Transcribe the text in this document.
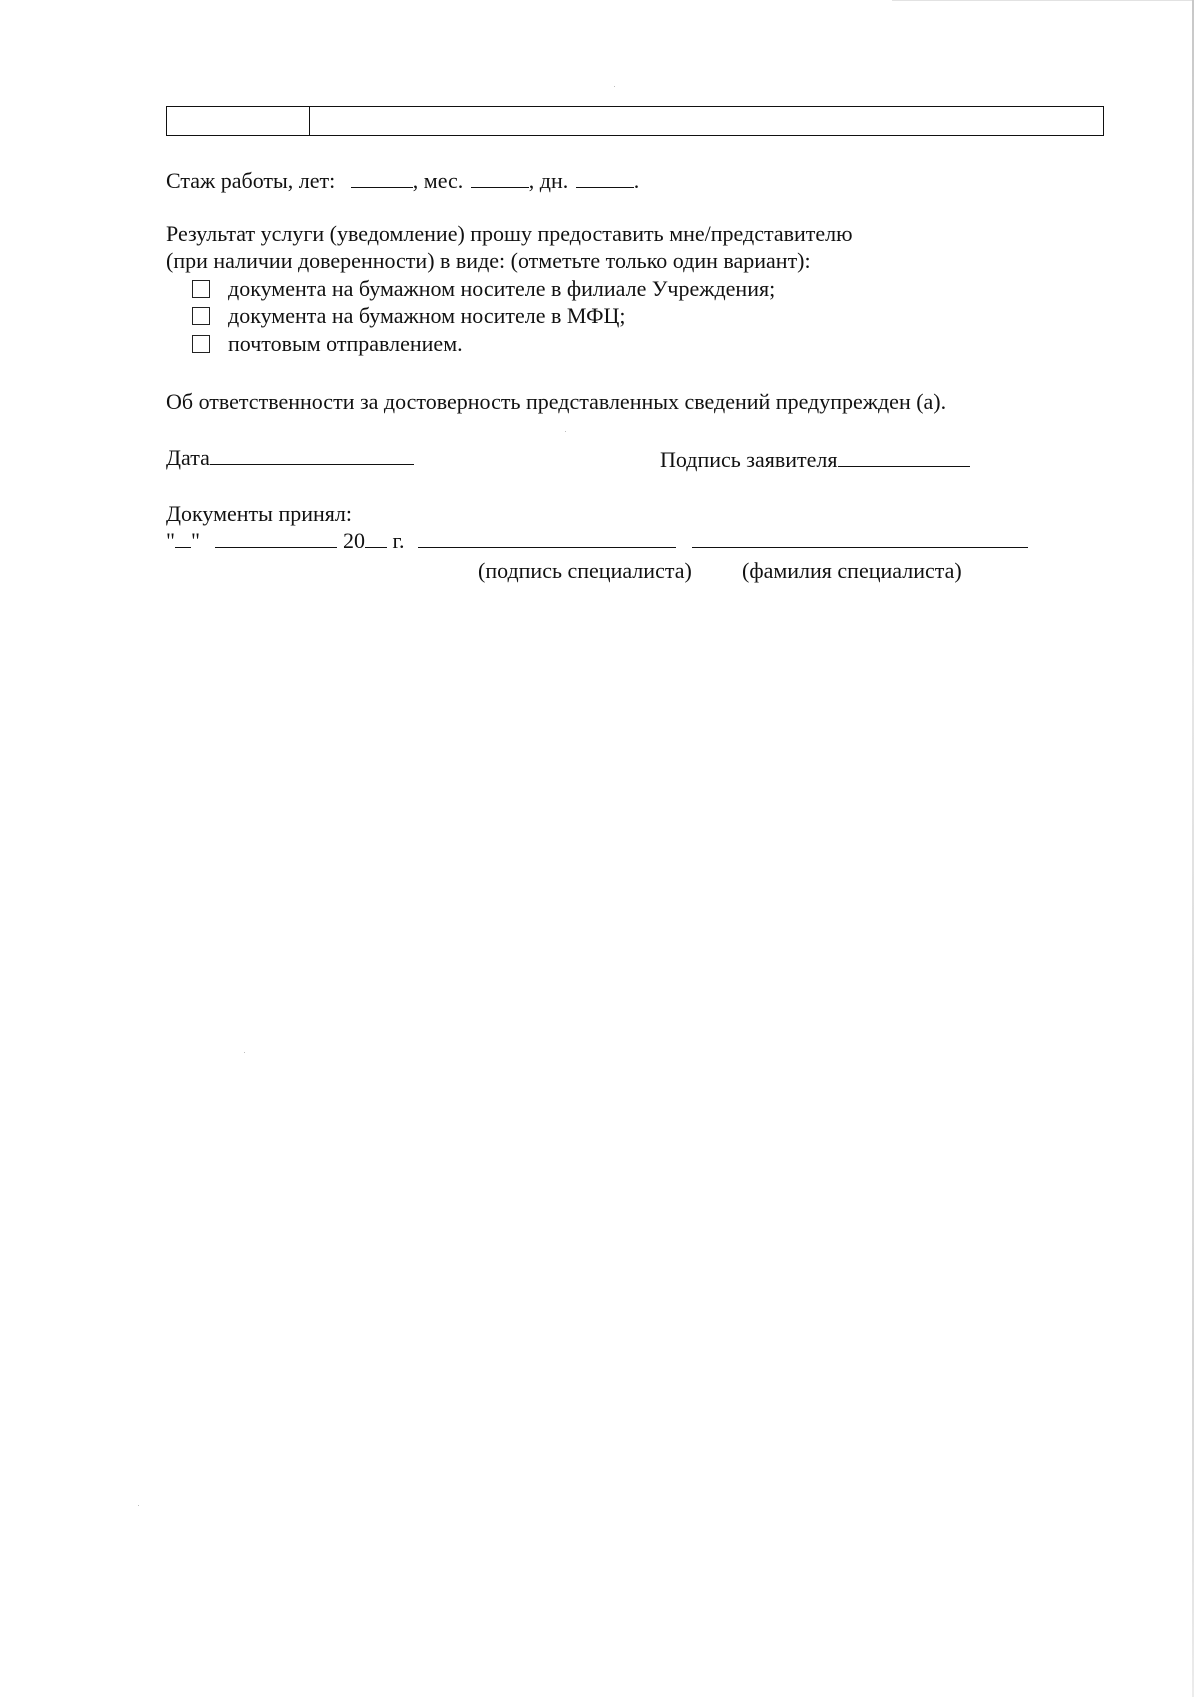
Стаж работы, лет:	, мес.	, дн.	.
Результат услуги (уведомление) прошу предоставить мне/представителю
(при наличии доверенности) в виде: (отметьте только один вариант):
документа на бумажном носителе в филиале Учреждения;
документа на бумажном носителе в МФЦ;
почтовым отправлением.
Об ответственности за достоверность представленных сведений предупрежден (а).
Дата	Подпись заявителя
Документы принял:
" "	20 г.
(подпись специалиста) (фамилия специалиста)
